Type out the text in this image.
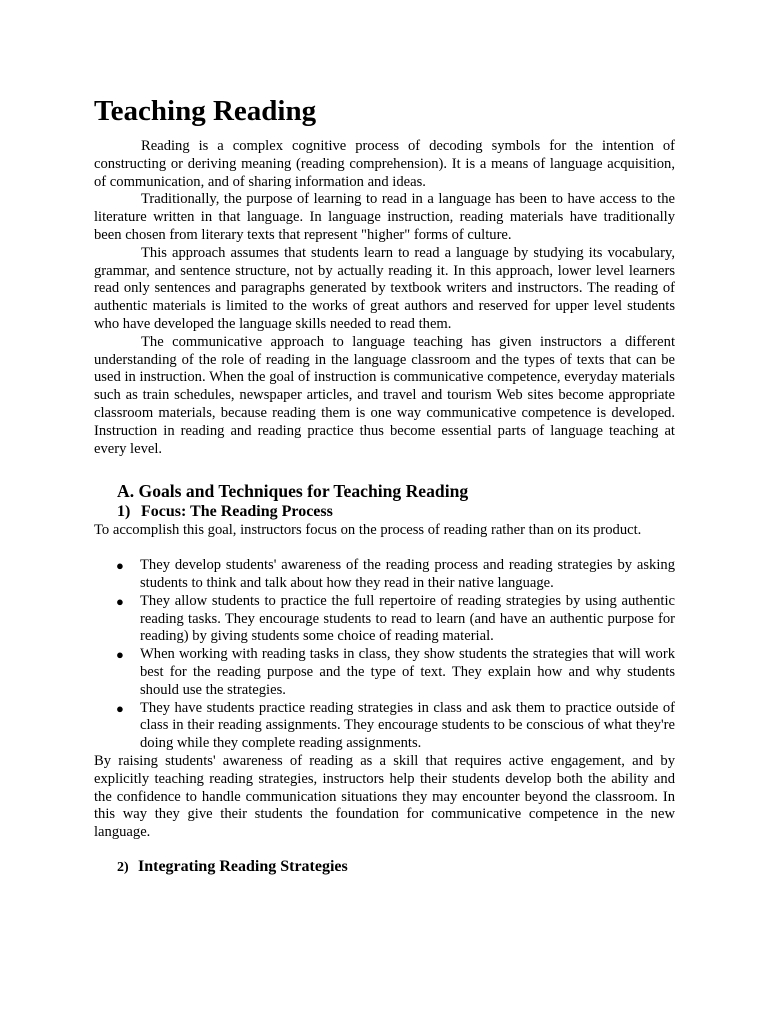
Teaching Reading

Reading is a complex cognitive process of decoding symbols for the intention of constructing or deriving meaning (reading comprehension). It is a means of language acquisition, of communication, and of sharing information and ideas.

Traditionally, the purpose of learning to read in a language has been to have access to the literature written in that language. In language instruction, reading materials have traditionally been chosen from literary texts that represent "higher" forms of culture.

This approach assumes that students learn to read a language by studying its vocabulary, grammar, and sentence structure, not by actually reading it. In this approach, lower level learners read only sentences and paragraphs generated by textbook writers and instructors. The reading of authentic materials is limited to the works of great authors and reserved for upper level students who have developed the language skills needed to read them.

The communicative approach to language teaching has given instructors a different understanding of the role of reading in the language classroom and the types of texts that can be used in instruction. When the goal of instruction is communicative competence, everyday materials such as train schedules, newspaper articles, and travel and tourism Web sites become appropriate classroom materials, because reading them is one way communicative competence is developed. Instruction in reading and reading practice thus become essential parts of language teaching at every level.

A. Goals and Techniques for Teaching Reading
1) Focus: The Reading Process

To accomplish this goal, instructors focus on the process of reading rather than on its product.

● They develop students' awareness of the reading process and reading strategies by asking students to think and talk about how they read in their native language.
● They allow students to practice the full repertoire of reading strategies by using authentic reading tasks. They encourage students to read to learn (and have an authentic purpose for reading) by giving students some choice of reading material.
● When working with reading tasks in class, they show students the strategies that will work best for the reading purpose and the type of text. They explain how and why students should use the strategies.
● They have students practice reading strategies in class and ask them to practice outside of class in their reading assignments. They encourage students to be conscious of what they're doing while they complete reading assignments.

By raising students' awareness of reading as a skill that requires active engagement, and by explicitly teaching reading strategies, instructors help their students develop both the ability and the confidence to handle communication situations they may encounter beyond the classroom. In this way they give their students the foundation for communicative competence in the new language.

2) Integrating Reading Strategies
